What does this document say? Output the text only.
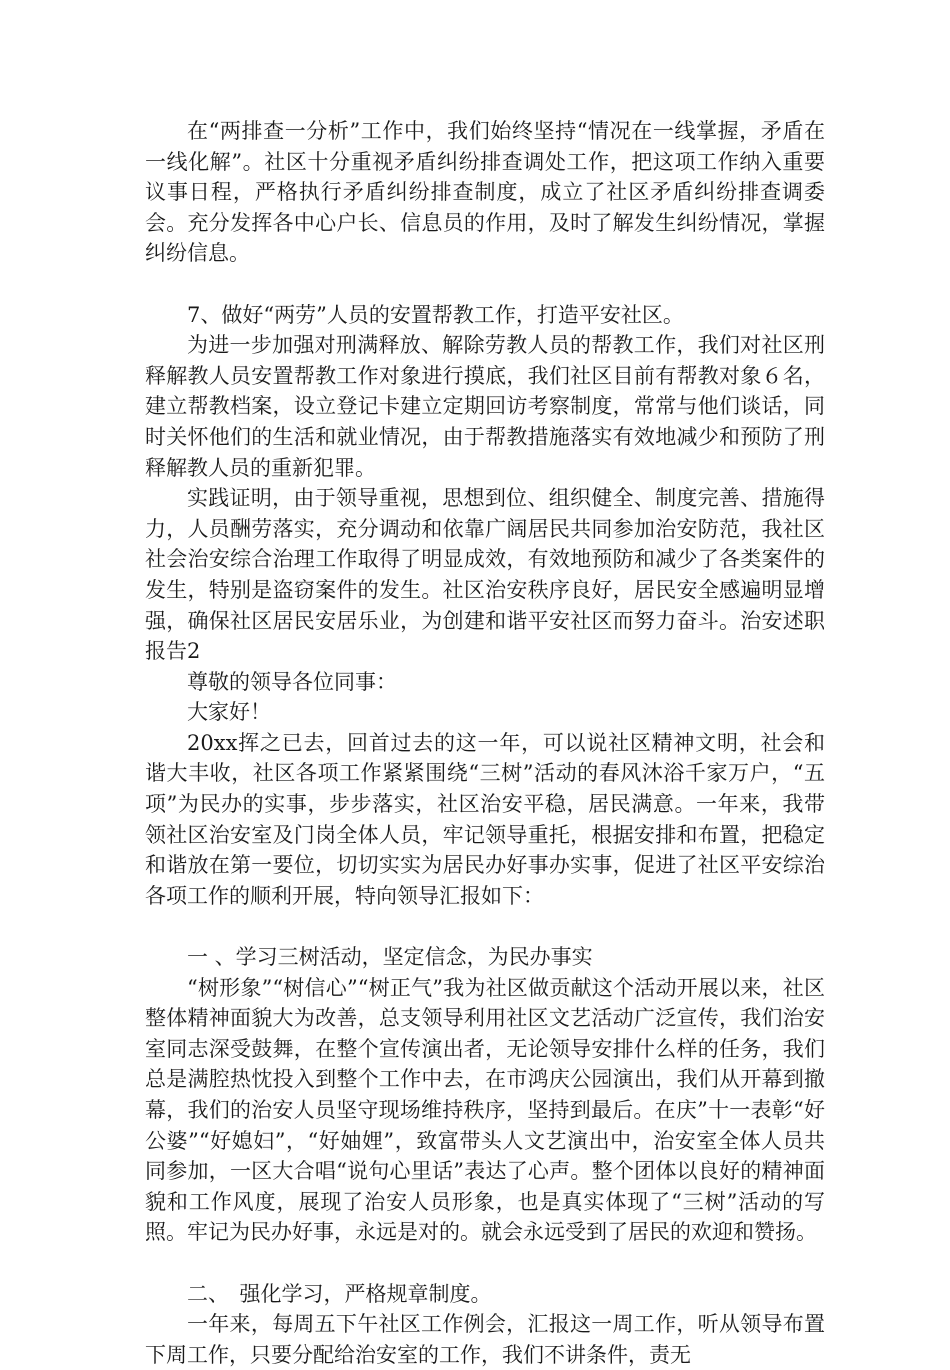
在“两排查一分析”工作中，我们始终坚持“情况在一线掌握，矛盾在一线化解”。社区十分重视矛盾纠纷排查调处工作，把这项工作纳入重要议事日程，严格执行矛盾纠纷排查制度，成立了社区矛盾纠纷排查调委会。充分发挥各中心户长、信息员的作用，及时了解发生纠纷情况，掌握纠纷信息。

7、做好“两劳”人员的安置帮教工作，打造平安社区。

为进一步加强对刑满释放、解除劳教人员的帮教工作，我们对社区刑释解教人员安置帮教工作对象进行摸底，我们社区目前有帮教对象６名，建立帮教档案，设立登记卡建立定期回访考察制度，常常与他们谈话，同时关怀他们的生活和就业情况，由于帮教措施落实有效地减少和预防了刑释解教人员的重新犯罪。

实践证明，由于领导重视，思想到位、组织健全、制度完善、措施得力，人员酬劳落实，充分调动和依靠广阔居民共同参加治安防范，我社区社会治安综合治理工作取得了明显成效，有效地预防和减少了各类案件的发生，特别是盗窃案件的发生。社区治安秩序良好，居民安全感遍明显增强，确保社区居民安居乐业，为创建和谐平安社区而努力奋斗。治安述职报告2

尊敬的领导各位同事：

大家好！

20xx挥之已去，回首过去的这一年，可以说社区精神文明，社会和谐大丰收，社区各项工作紧紧围绕“三树”活动的春风沐浴千家万户，“五项”为民办的实事，步步落实，社区治安平稳，居民满意。一年来，我带领社区治安室及门岗全体人员，牢记领导重托，根据安排和布置，把稳定和谐放在第一要位，切切实实为居民办好事办实事，促进了社区平安综治各项工作的顺利开展，特向领导汇报如下：

一 、学习三树活动，坚定信念，为民办事实

“树形象”“树信心”“树正气”我为社区做贡献这个活动开展以来，社区整体精神面貌大为改善，总支领导利用社区文艺活动广泛宣传，我们治安室同志深受鼓舞，在整个宣传演出者，无论领导安排什么样的任务，我们总是满腔热忱投入到整个工作中去，在市鸿庆公园演出，我们从开幕到撤幕，我们的治安人员坚守现场维持秩序，坚持到最后。在庆”十一表彰“好公婆”“好媳妇”，“好妯娌”，致富带头人文艺演出中，治安室全体人员共同参加，一区大合唱“说句心里话”表达了心声。整个团体以良好的精神面貌和工作风度，展现了治安人员形象，也是真实体现了“三树”活动的写照。牢记为民办好事，永远是对的。就会永远受到了居民的欢迎和赞扬。

二、　强化学习，严格规章制度。

一年来，每周五下午社区工作例会，汇报这一周工作，听从领导布置下周工作，只要分配给治安室的工作，我们不讲条件，责无
